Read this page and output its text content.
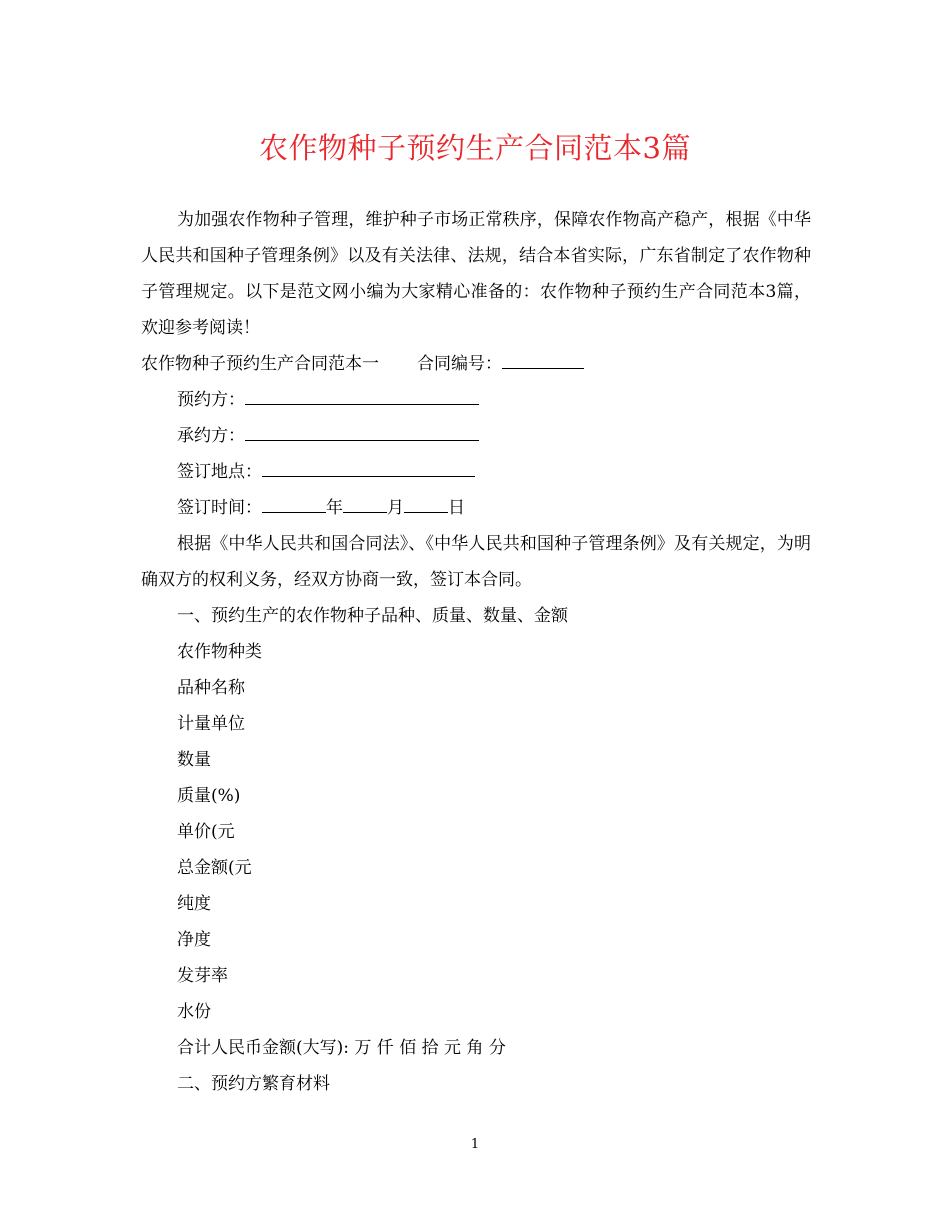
农作物种子预约生产合同范本3篇

为加强农作物种子管理，维护种子市场正常秩序，保障农作物高产稳产，根据《中华人民共和国种子管理条例》以及有关法律、法规，结合本省实际，广东省制定了农作物种子管理规定。以下是范文网小编为大家精心准备的：农作物种子预约生产合同范本3篇，欢迎参考阅读！

农作物种子预约生产合同范本一 合同编号：
预约方：
承约方：
签订地点：
签订时间：	年	月	日

根据《中华人民共和国合同法》、《中华人民共和国种子管理条例》及有关规定，为明确双方的权利义务，经双方协商一致，签订本合同。

一、预约生产的农作物种子品种、质量、数量、金额
农作物种类
品种名称
计量单位
数量
质量(%)
单价(元
总金额(元
纯度
净度
发芽率
水份
合计人民币金额(大写): 万 仟 佰 拾 元 角 分
二、预约方繁育材料
1
